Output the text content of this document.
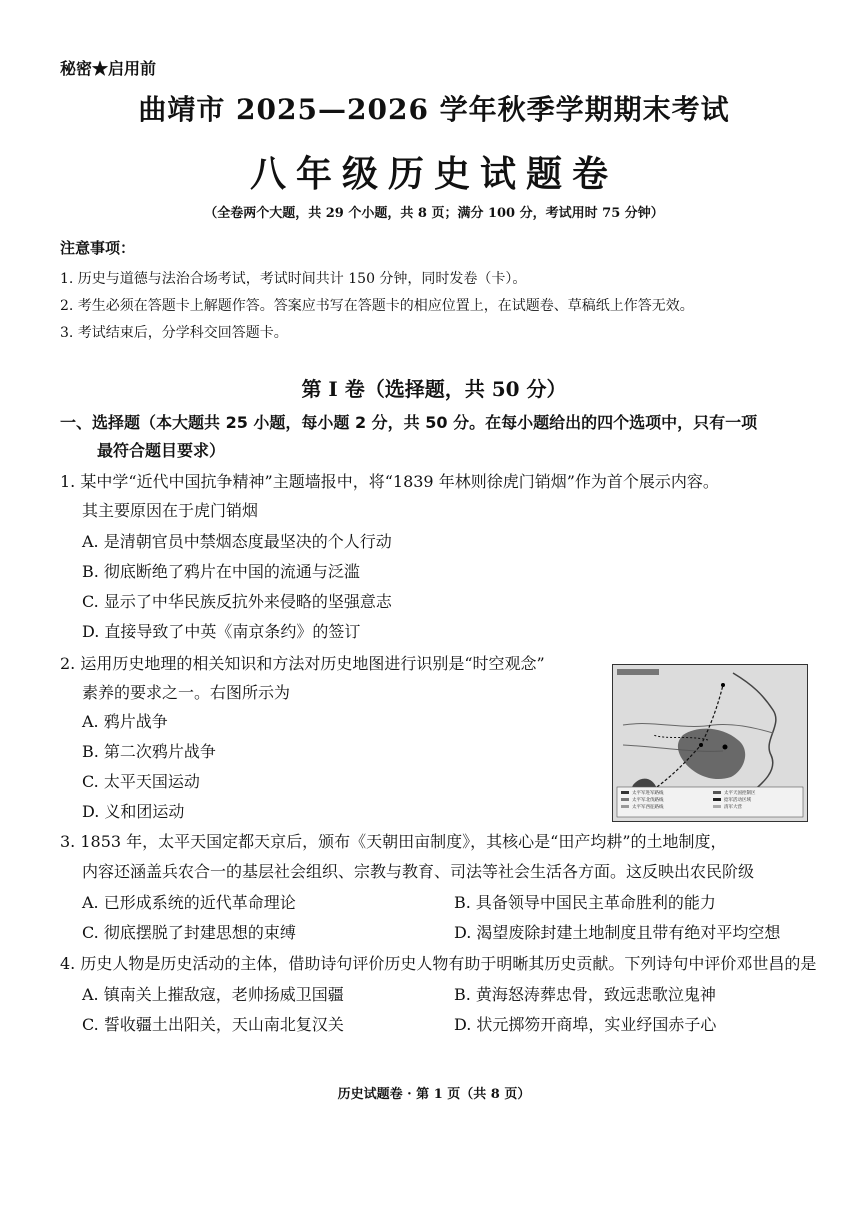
秘密★启用前
曲靖市 2025—2026 学年秋季学期期末考试
八年级历史试题卷
（全卷两个大题，共 29 个小题，共 8 页；满分 100 分，考试用时 75 分钟）
注意事项：
1. 历史与道德与法治合场考试，考试时间共计 150 分钟，同时发卷（卡）。
2. 考生必须在答题卡上解题作答。答案应书写在答题卡的相应位置上，在试题卷、草稿纸上作答无效。
3. 考试结束后，分学科交回答题卡。
第 I 卷（选择题，共 50 分）
一、选择题（本大题共 25 小题，每小题 2 分，共 50 分。在每小题给出的四个选项中，只有一项
最符合题目要求）
1. 某中学“近代中国抗争精神”主题墙报中，将“1839 年林则徐虎门销烟”作为首个展示内容。
其主要原因在于虎门销烟
A. 是清朝官员中禁烟态度最坚决的个人行动
B. 彻底断绝了鸦片在中国的流通与泛滥
C. 显示了中华民族反抗外来侵略的坚强意志
D. 直接导致了中英《南京条约》的签订
2. 运用历史地理的相关知识和方法对历史地图进行识别是“时空观念”
素养的要求之一。右图所示为
A. 鸦片战争
B. 第二次鸦片战争
C. 太平天国运动
D. 义和团运动
太平军进军路线
太平军北伐路线
太平军西征路线
太平天国控制区
捻军活动区域
清军大营
3. 1853 年，太平天国定都天京后，颁布《天朝田亩制度》，其核心是“田产均耕”的土地制度，
内容还涵盖兵农合一的基层社会组织、宗教与教育、司法等社会生活各方面。这反映出农民阶级
A. 已形成系统的近代革命理论	B. 具备领导中国民主革命胜利的能力
C. 彻底摆脱了封建思想的束缚	D. 渴望废除封建土地制度且带有绝对平均空想
4. 历史人物是历史活动的主体，借助诗句评价历史人物有助于明晰其历史贡献。下列诗句中评价邓世昌的是
A. 镇南关上摧敌寇，老帅扬威卫国疆	B. 黄海怒涛葬忠骨，致远悲歌泣鬼神
C. 誓收疆土出阳关，天山南北复汉关	D. 状元掷笏开商埠，实业纾国赤子心
历史试题卷 · 第 1 页（共 8 页）
